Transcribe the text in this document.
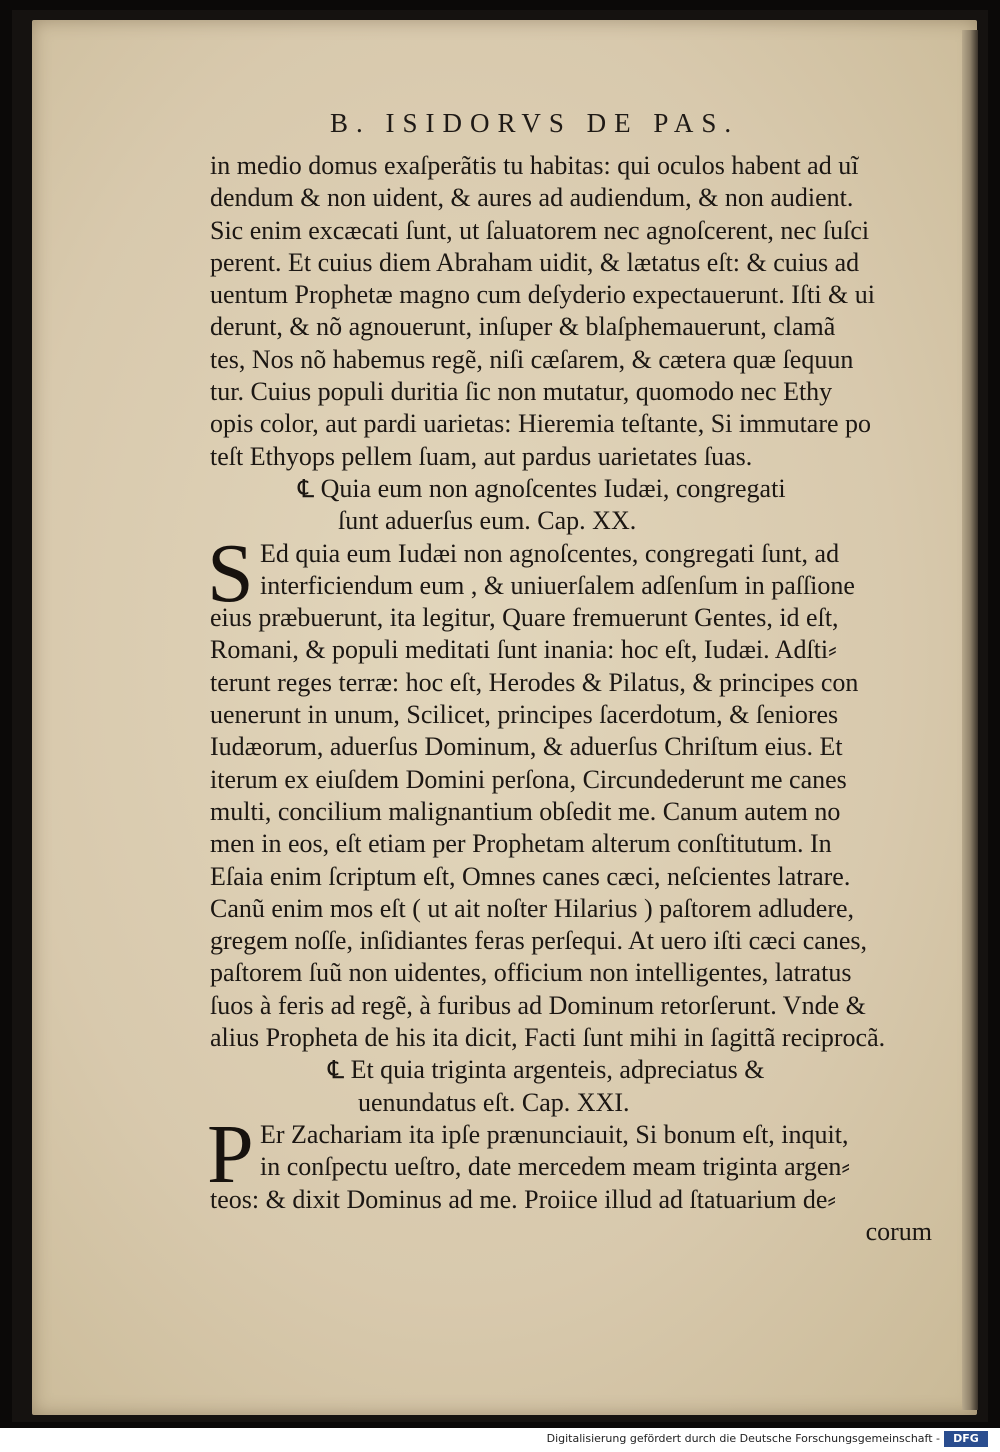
B. ISIDORVS DE PAS.
in medio domus exaſperãtis tu habitas: qui oculos habent ad uĩ
dendum & non uident, & aures ad audiendum, & non audient.
Sic enim excæcati ſunt, ut ſaluatorem nec agnoſcerent, nec ſuſci
perent. Et cuius diem Abraham uidit, & lætatus eſt: & cuius ad
uentum Prophetæ magno cum deſyderio expectauerunt. Iſti & ui
derunt, & nõ agnouerunt, inſuper & blaſphemauerunt, clamã
tes, Nos nõ habemus regẽ, niſi cæſarem, & cætera quæ ſequun
tur. Cuius populi duritia ſic non mutatur, quomodo nec Ethy
opis color, aut pardi uarietas: Hieremia teſtante, Si immutare po
teſt Ethyops pellem ſuam, aut pardus uarietates ſuas.
℄ Quia eum non agnoſcentes Iudæi, congregati
ſunt aduerſus eum. Cap. XX.
S Ed quia eum Iudæi non agnoſcentes, congregati ſunt, ad
interficiendum eum , & uniuerſalem adſenſum in paſſione
eius præbuerunt, ita legitur, Quare fremuerunt Gentes, id eſt,
Romani, & populi meditati ſunt inania: hoc eſt, Iudæi. Adſti⸗
terunt reges terræ: hoc eſt, Herodes & Pilatus, & principes con
uenerunt in unum, Scilicet, principes ſacerdotum, & ſeniores
Iudæorum, aduerſus Dominum, & aduerſus Chriſtum eius. Et
iterum ex eiuſdem Domini perſona, Circundederunt me canes
multi, concilium malignantium obſedit me. Canum autem no
men in eos, eſt etiam per Prophetam alterum conſtitutum. In
Eſaia enim ſcriptum eſt, Omnes canes cæci, neſcientes latrare.
Canũ enim mos eſt ( ut ait noſter Hilarius ) paſtorem adludere,
gregem noſſe, inſidiantes feras perſequi. At uero iſti cæci canes,
paſtorem ſuũ non uidentes, officium non intelligentes, latratus
ſuos à feris ad regẽ, à furibus ad Dominum retorſerunt. Vnde &
alius Propheta de his ita dicit, Facti ſunt mihi in ſagittã reciprocã.
℄ Et quia triginta argenteis, adpreciatus &
uenundatus eſt. Cap. XXI.
P Er Zachariam ita ipſe prænunciauit, Si bonum eſt, inquit,
in conſpectu ueſtro, date mercedem meam triginta argen⸗
teos: & dixit Dominus ad me. Proiice illud ad ſtatuarium de⸗
corum
Digitalisierung gefördert durch die Deutsche Forschungsgemeinschaft -	DFG
